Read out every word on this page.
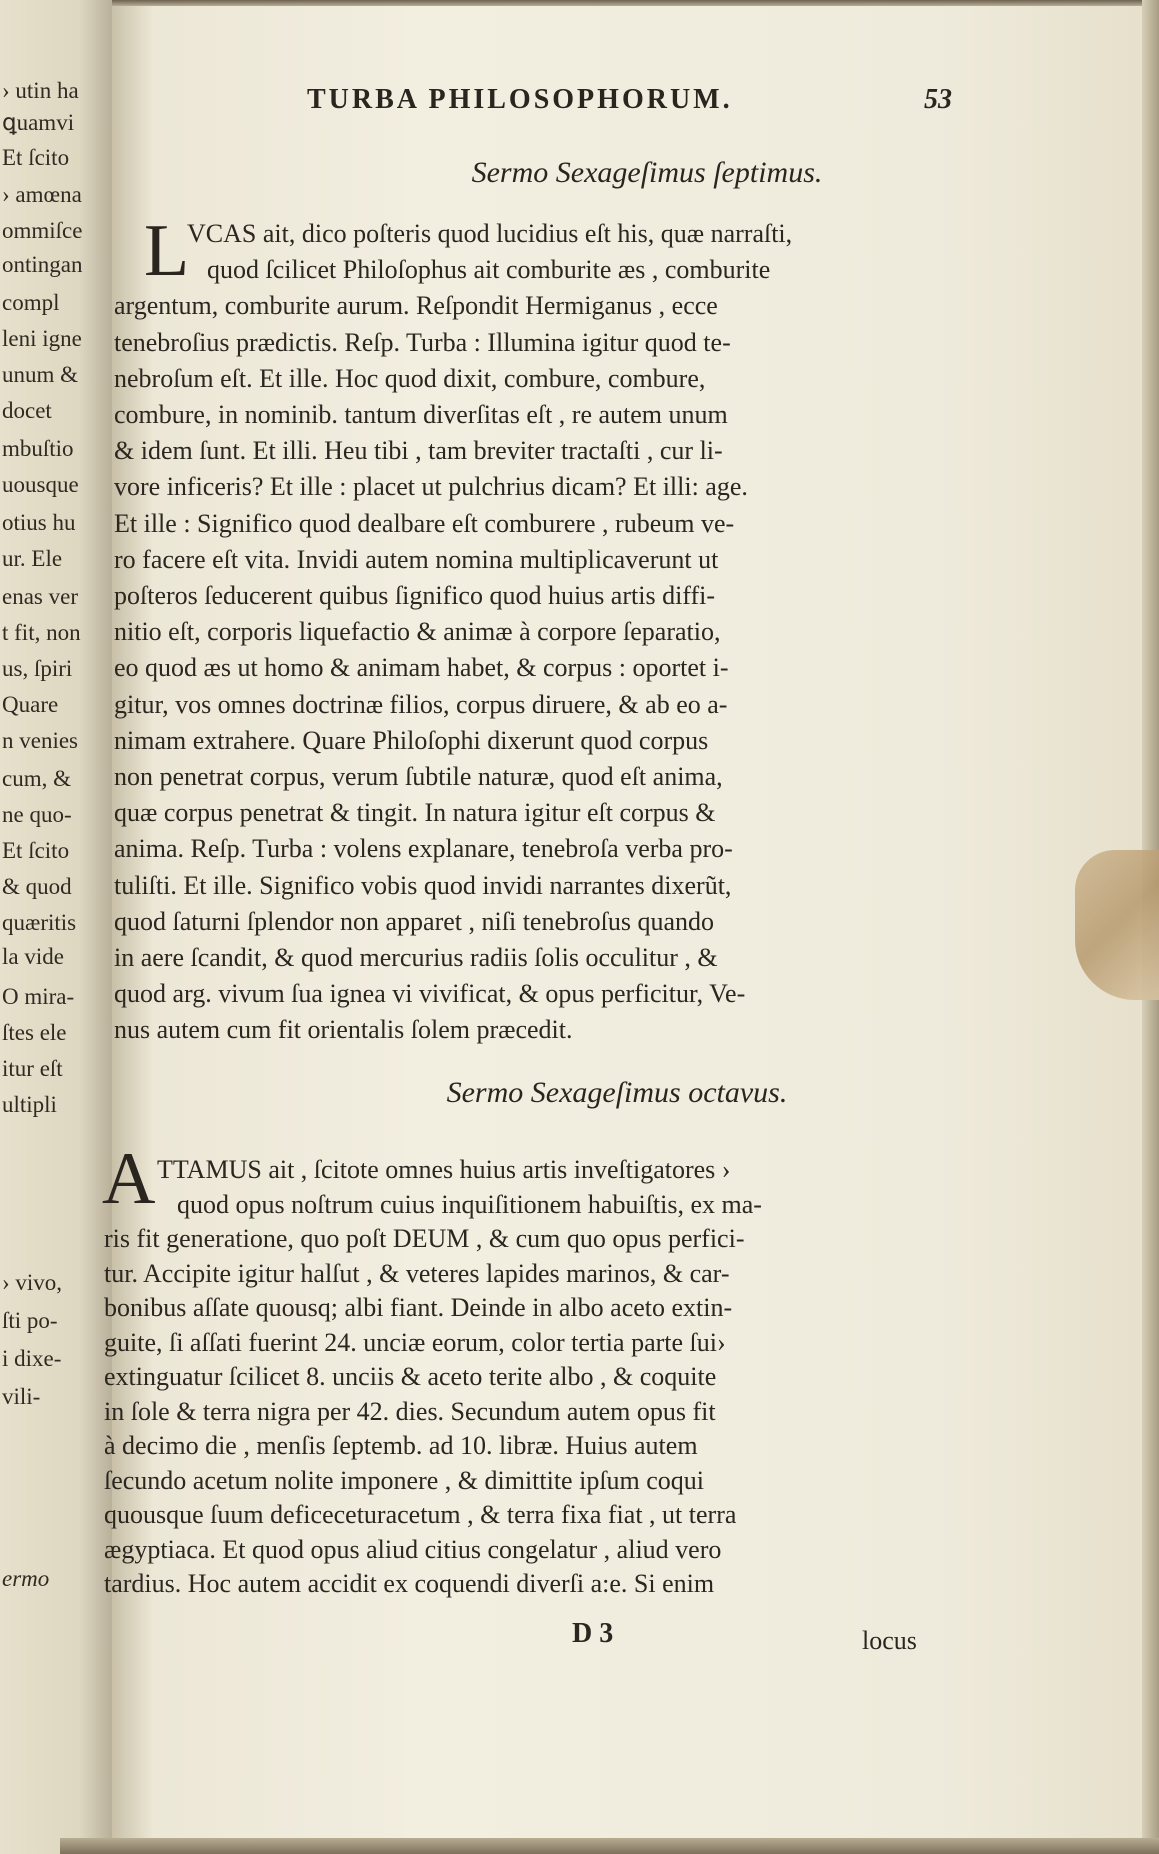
› utin ha
ꝗuamvi
Et ſcito
› amœna
ommiſce
ontingan
compl
leni igne
unum &
docet
mbuſtio
uousque
otius hu
ur. Ele
enas ver
t fit, non
us, ſpiri
Quare
n venies
cum, &
ne quo-
Et ſcito
& quod
quæritis
la vide
O mira-
ſtes ele
itur eſt
ultipli
› vivo,
ſti po-
i dixe-
vili-
ermo
TURBA PHILOSOPHORUM.	53
Sermo Sexageſimus ſeptimus.
L
VCAS ait, dico poſteris quod lucidius eſt his, quæ narraſti,
quod ſcilicet Philoſophus ait comburite æs , comburite
argentum, comburite aurum. Reſpondit Hermiganus , ecce
tenebroſius prædictis. Reſp. Turba : Illumina igitur quod te-
nebroſum eſt. Et ille. Hoc quod dixit, combure, combure,
combure, in nominib. tantum diverſitas eſt , re autem unum
& idem ſunt. Et illi. Heu tibi , tam breviter tractaſti , cur li-
vore inficeris? Et ille : placet ut pulchrius dicam? Et illi: age.
Et ille : Significo quod dealbare eſt comburere , rubeum ve-
ro facere eſt vita. Invidi autem nomina multiplicaverunt ut
poſteros ſeducerent quibus ſignifico quod huius artis diffi-
nitio eſt, corporis liquefactio & animæ à corpore ſeparatio,
eo quod æs ut homo & animam habet, & corpus : oportet i-
gitur, vos omnes doctrinæ filios, corpus diruere, & ab eo a-
nimam extrahere. Quare Philoſophi dixerunt quod corpus
non penetrat corpus, verum ſubtile naturæ, quod eſt anima,
quæ corpus penetrat & tingit. In natura igitur eſt corpus &
anima. Reſp. Turba : volens explanare, tenebroſa verba pro-
tuliſti. Et ille. Significo vobis quod invidi narrantes dixerũt,
quod ſaturni ſplendor non apparet , niſi tenebroſus quando
in aere ſcandit, & quod mercurius radiis ſolis occulitur , &
quod arg. vivum ſua ignea vi vivificat, & opus perficitur, Ve-
nus autem cum fit orientalis ſolem præcedit.
Sermo Sexageſimus octavus.
A TTAMUS ait , ſcitote omnes huius artis inveſtigatores ›
quod opus noſtrum cuius inquiſitionem habuiſtis, ex ma-
ris fit generatione, quo poſt DEUM , & cum quo opus perfici-
tur. Accipite igitur halſut , & veteres lapides marinos, & car-
bonibus aſſate quousq; albi fiant. Deinde in albo aceto extin-
guite, ſi aſſati fuerint 24. unciæ eorum, color tertia parte ſui›
extinguatur ſcilicet 8. unciis & aceto terite albo , & coquite
in ſole & terra nigra per 42. dies. Secundum autem opus fit
à decimo die , menſis ſeptemb. ad 10. libræ. Huius autem
ſecundo acetum nolite imponere , & dimittite ipſum coqui
quousque ſuum deficeceturacetum , & terra fixa fiat , ut terra
ægyptiaca. Et quod opus aliud citius congelatur , aliud vero
tardius. Hoc autem accidit ex coquendi diverſi a:e. Si enim
D 3	locus
